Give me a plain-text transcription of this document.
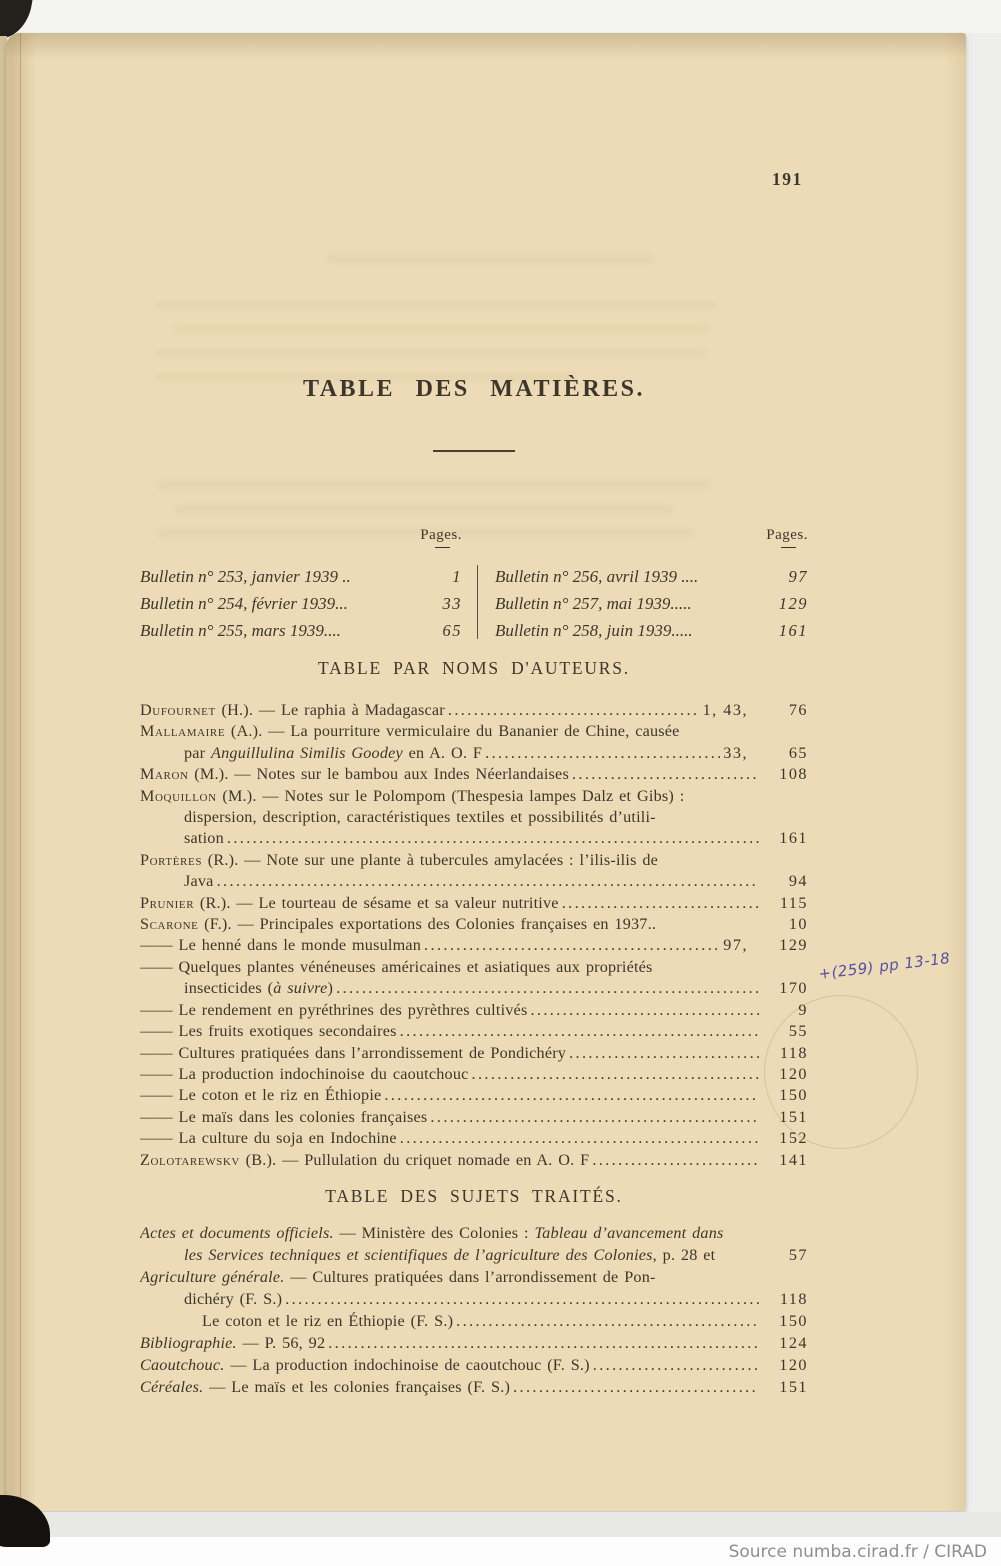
191
TABLE DES MATIÈRES.
Pages.
Bulletin n° 253, janvier 1939 ..	1
Bulletin n° 254, février 1939...	33
Bulletin n° 255, mars 1939....	65
Pages.
Bulletin n° 256, avril 1939 ....	97
Bulletin n° 257, mai 1939.....	129
Bulletin n° 258, juin 1939.....	161
TABLE PAR NOMS D'AUTEURS.
Dufournet (H.). — Le raphia à Madagascar .....	1, 43,	76
Mallamaire (A.). — La pourriture vermiculaire du Bananier de Chine, causée
par Anguillulina Similis Goodey en A. O. F .....	33,	65
Maron (M.). — Notes sur le bambou aux Indes Néerlandaises .....	108
Moquillon (M.). — Notes sur le Polompom (Thespesia lampes Dalz et Gibs) :
dispersion, description, caractéristiques textiles et possibilités d’utili-
sation .....	161
Portères (R.). — Note sur une plante à tubercules amylacées : l’ilis-ilis de
Java .....	94
Prunier (R.). — Le tourteau de sésame et sa valeur nutritive .....	115
Scarone (F.). — Principales exportations des Colonies françaises en 1937..	10
—— Le henné dans le monde musulman .....	97,	129
—— Quelques plantes vénéneuses américaines et asiatiques aux propriétés
insecticides (à suivre) .....	170
—— Le rendement en pyréthrines des pyrèthres cultivés .....	9
—— Les fruits exotiques secondaires .....	55
—— Cultures pratiquées dans l’arrondissement de Pondichéry .....	118
—— La production indochinoise du caoutchouc .....	120
—— Le coton et le riz en Éthiopie .....	150
—— Le maïs dans les colonies françaises .....	151
—— La culture du soja en Indochine .....	152
Zolotarewskv (B.). — Pullulation du criquet nomade en A. O. F .....	141
TABLE DES SUJETS TRAITÉS.
Actes et documents officiels. — Ministère des Colonies : Tableau d’avancement dans
les Services techniques et scientifiques de l’agriculture des Colonies, p. 28 et	57
Agriculture générale. — Cultures pratiquées dans l’arrondissement de Pon-
dichéry (F. S.) .....	118
Le coton et le riz en Éthiopie (F. S.) .....	150
Bibliographie. — P. 56, 92 .....	124
Caoutchouc. — La production indochinoise de caoutchouc (F. S.) .....	120
Céréales. — Le maïs et les colonies françaises (F. S.) .....	151
+(259) pp 13-18
Source numba.cirad.fr / CIRAD
